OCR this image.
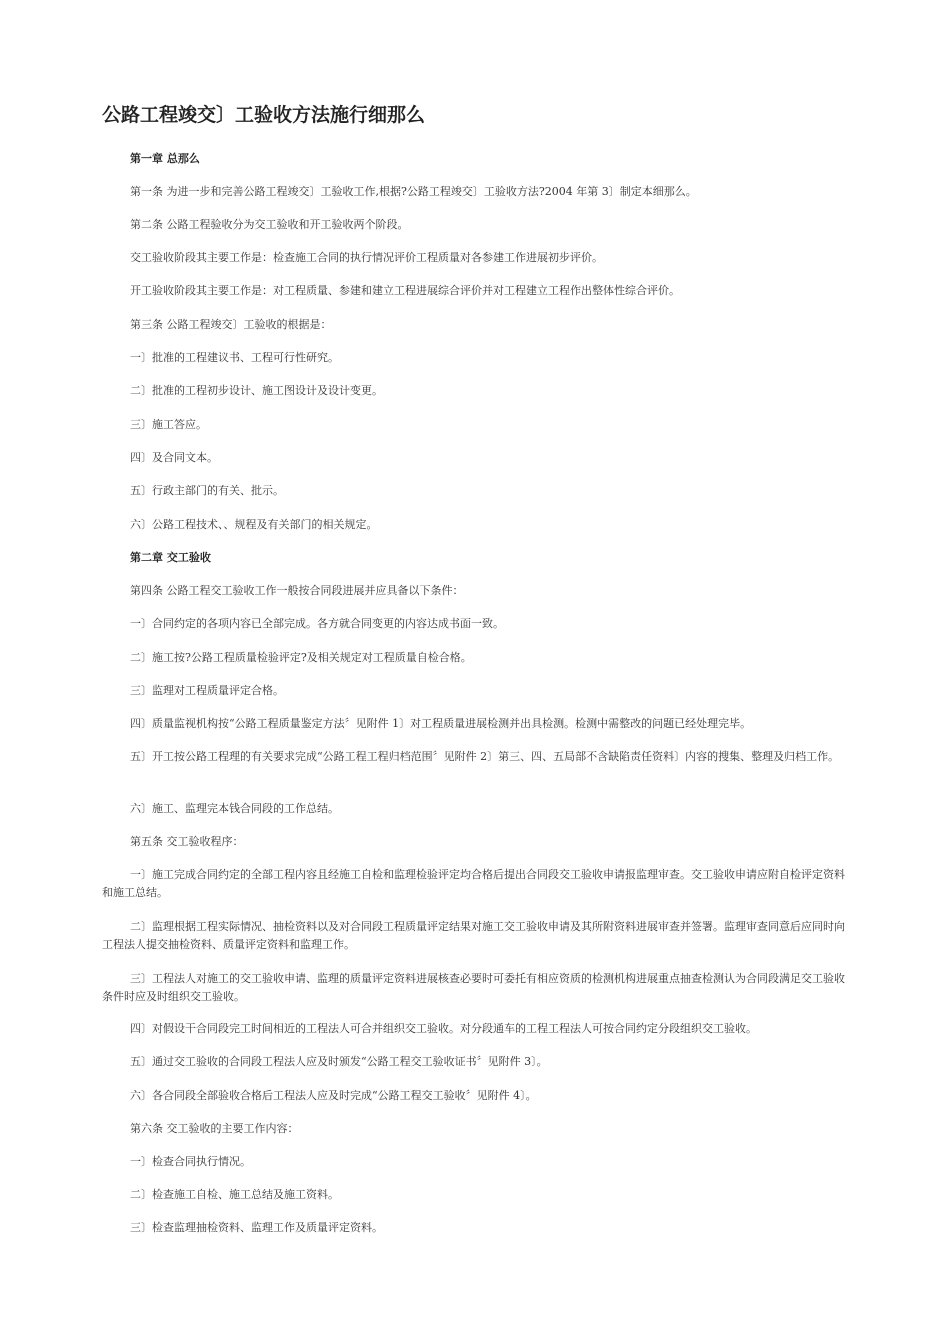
公路工程竣交〕工验收方法施行细那么

第一章 总那么

第一条 为进一步和完善公路工程竣交〕工验收工作,根据?公路工程竣交〕工验收方法?2004 年第 3〕制定本细那么。

第二条 公路工程验收分为交工验收和开工验收两个阶段。

交工验收阶段其主要工作是：检查施工合同的执行情况评价工程质量对各参建工作进展初步评价。

开工验收阶段其主要工作是：对工程质量、参建和建立工程进展综合评价并对工程建立工程作出整体性综合评价。

第三条 公路工程竣交〕工验收的根据是：

一〕批准的工程建议书、工程可行性研究。

二〕批准的工程初步设计、施工图设计及设计变更。

三〕施工答应。

四〕及合同文本。

五〕行政主部门的有关、批示。

六〕公路工程技术、、规程及有关部门的相关规定。

第二章 交工验收

第四条 公路工程交工验收工作一般按合同段进展并应具备以下条件：

一〕合同约定的各项内容已全部完成。各方就合同变更的内容达成书面一致。

二〕施工按?公路工程质量检验评定?及相关规定对工程质量自检合格。

三〕监理对工程质量评定合格。

四〕质量监视机构按“公路工程质量鉴定方法〞见附件 1〕对工程质量进展检测并出具检测。检测中需整改的问题已经处理完毕。

五〕开工按公路工程理的有关要求完成“公路工程工程归档范围〞见附件 2〕第三、四、五局部不含缺陷责任资料〕内容的搜集、整理及归档工作。

六〕施工、监理完本钱合同段的工作总结。

第五条 交工验收程序：

一〕施工完成合同约定的全部工程内容且经施工自检和监理检验评定均合格后提出合同段交工验收申请报监理审查。交工验收申请应附自检评定资料和施工总结。

二〕监理根据工程实际情况、抽检资料以及对合同段工程质量评定结果对施工交工验收申请及其所附资料进展审查并签署。监理审查同意后应同时向工程法人提交抽检资料、质量评定资料和监理工作。

三〕工程法人对施工的交工验收申请、监理的质量评定资料进展核查必要时可委托有相应资质的检测机构进展重点抽查检测认为合同段满足交工验收条件时应及时组织交工验收。

四〕对假设干合同段完工时间相近的工程法人可合并组织交工验收。对分段通车的工程工程法人可按合同约定分段组织交工验收。

五〕通过交工验收的合同段工程法人应及时颁发“公路工程交工验收证书〞见附件 3〕。

六〕各合同段全部验收合格后工程法人应及时完成“公路工程交工验收〞见附件 4〕。

第六条 交工验收的主要工作内容：

一〕检查合同执行情况。

二〕检查施工自检、施工总结及施工资料。

三〕检查监理抽检资料、监理工作及质量评定资料。
